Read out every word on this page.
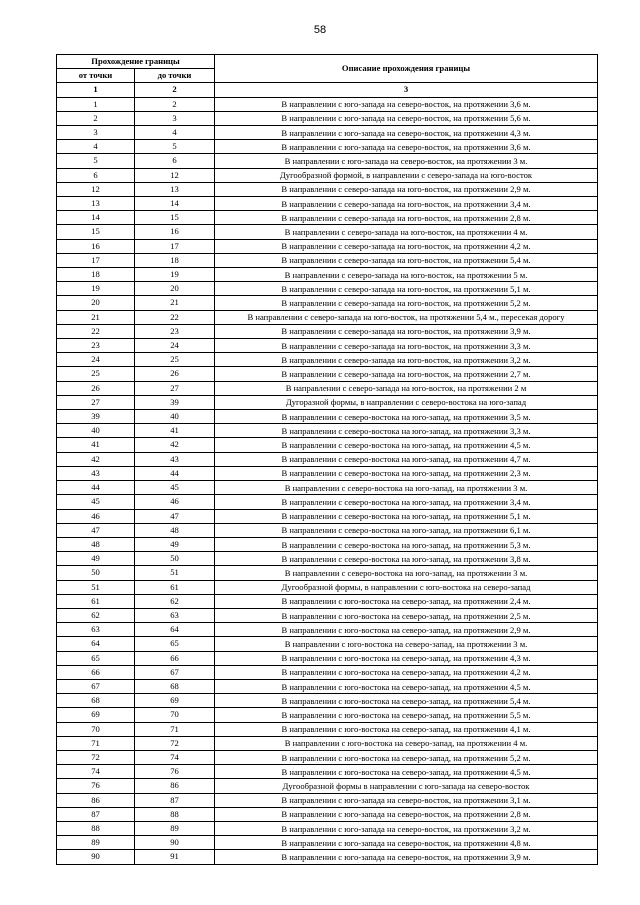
58
Прохождение границы		Описание прохождения границы
от точки	до точки	
1	2	3
1	2	В направлении с юго-запада на северо-восток, на протяжении 3,6 м.
2	3	В направлении с юго-запада на северо-восток, на протяжении 5,6 м.
3	4	В направлении с юго-запада на северо-восток, на протяжении 4,3 м.
4	5	В направлении с юго-запада на северо-восток, на протяжении 3,6 м.
5	6	В направлении с юго-запада на северо-восток, на протяжении 3 м.
6	12	Дугообразной формой, в направлении с северо-запада на юго-восток
12	13	В направлении с северо-запада на юго-восток, на протяжении 2,9 м.
13	14	В направлении с северо-запада на юго-восток, на протяжении 3,4 м.
14	15	В направлении с северо-запада на юго-восток, на протяжении 2,8 м.
15	16	В направлении с северо-запада на юго-восток, на протяжении 4 м.
16	17	В направлении с северо-запада на юго-восток, на протяжении 4,2 м.
17	18	В направлении с северо-запада на юго-восток, на протяжении 5,4 м.
18	19	В направлении с северо-запада на юго-восток, на протяжении 5 м.
19	20	В направлении с северо-запада на юго-восток, на протяжении 5,1 м.
20	21	В направлении с северо-запада на юго-восток, на протяжении 5,2 м.
21	22	В направлении с северо-запада на юго-восток, на протяжении 5,4 м., пересекая дорогу
22	23	В направлении с северо-запада на юго-восток, на протяжении 3,9 м.
23	24	В направлении с северо-запада на юго-восток, на протяжении 3,3 м.
24	25	В направлении с северо-запада на юго-восток, на протяжении 3,2 м.
25	26	В направлении с северо-запада на юго-восток, на протяжении 2,7 м.
26	27	В направлении с северо-запада на юго-восток, на протяжении 2 м
27	39	Дугоразной формы, в направлении с северо-востока на юго-запад
39	40	В направлении с северо-востока на юго-запад, на протяжении 3,5 м.
40	41	В направлении с северо-востока на юго-запад, на протяжении 3,3 м.
41	42	В направлении с северо-востока на юго-запад, на протяжении 4,5 м.
42	43	В направлении с северо-востока на юго-запад, на протяжении 4,7 м.
43	44	В направлении с северо-востока на юго-запад, на протяжении 2,3 м.
44	45	В направлении с северо-востока на юго-запад, на протяжении 3 м.
45	46	В направлении с северо-востока на юго-запад, на протяжении 3,4 м.
46	47	В направлении с северо-востока на юго-запад, на протяжении 5,1 м.
47	48	В направлении с северо-востока на юго-запад, на протяжении 6,1 м.
48	49	В направлении с северо-востока на юго-запад, на протяжении 5,3 м.
49	50	В направлении с северо-востока на юго-запад, на протяжении 3,8 м.
50	51	В направлении с северо-востока на юго-запад, на протяжении 3 м.
51	61	Дугообразной формы, в направлении с юго-востока на северо-запад
61	62	В направлении с юго-востока на северо-запад, на протяжении 2,4 м.
62	63	В направлении с юго-востока на северо-запад, на протяжении 2,5 м.
63	64	В направлении с юго-востока на северо-запад, на протяжении 2,9 м.
64	65	В направлении с юго-востока на северо-запад, на протяжении 3 м.
65	66	В направлении с юго-востока на северо-запад, на протяжении 4,3 м.
66	67	В направлении с юго-востока на северо-запад, на протяжении 4,2 м.
67	68	В направлении с юго-востока на северо-запад, на протяжении 4,5 м.
68	69	В направлении с юго-востока на северо-запад, на протяжении 5,4 м.
69	70	В направлении с юго-востока на северо-запад, на протяжении 5,5 м.
70	71	В направлении с юго-востока на северо-запад, на протяжении 4,1 м.
71	72	В направлении с юго-востока на северо-запад, на протяжении 4 м.
72	74	В направлении с юго-востока на северо-запад, на протяжении 5,2 м.
74	76	В направлении с юго-востока на северо-запад, на протяжении 4,5 м.
76	86	Дугообразной формы в направлении с юго-запада на северо-восток
86	87	В направлении с юго-запада на северо-восток, на протяжении 3,1 м.
87	88	В направлении с юго-запада на северо-восток, на протяжении 2,8 м.
88	89	В направлении с юго-запада на северо-восток, на протяжении 3,2 м.
89	90	В направлении с юго-запада на северо-восток, на протяжении 4,8 м.
90	91	В направлении с юго-запада на северо-восток, на протяжении 3,9 м.
